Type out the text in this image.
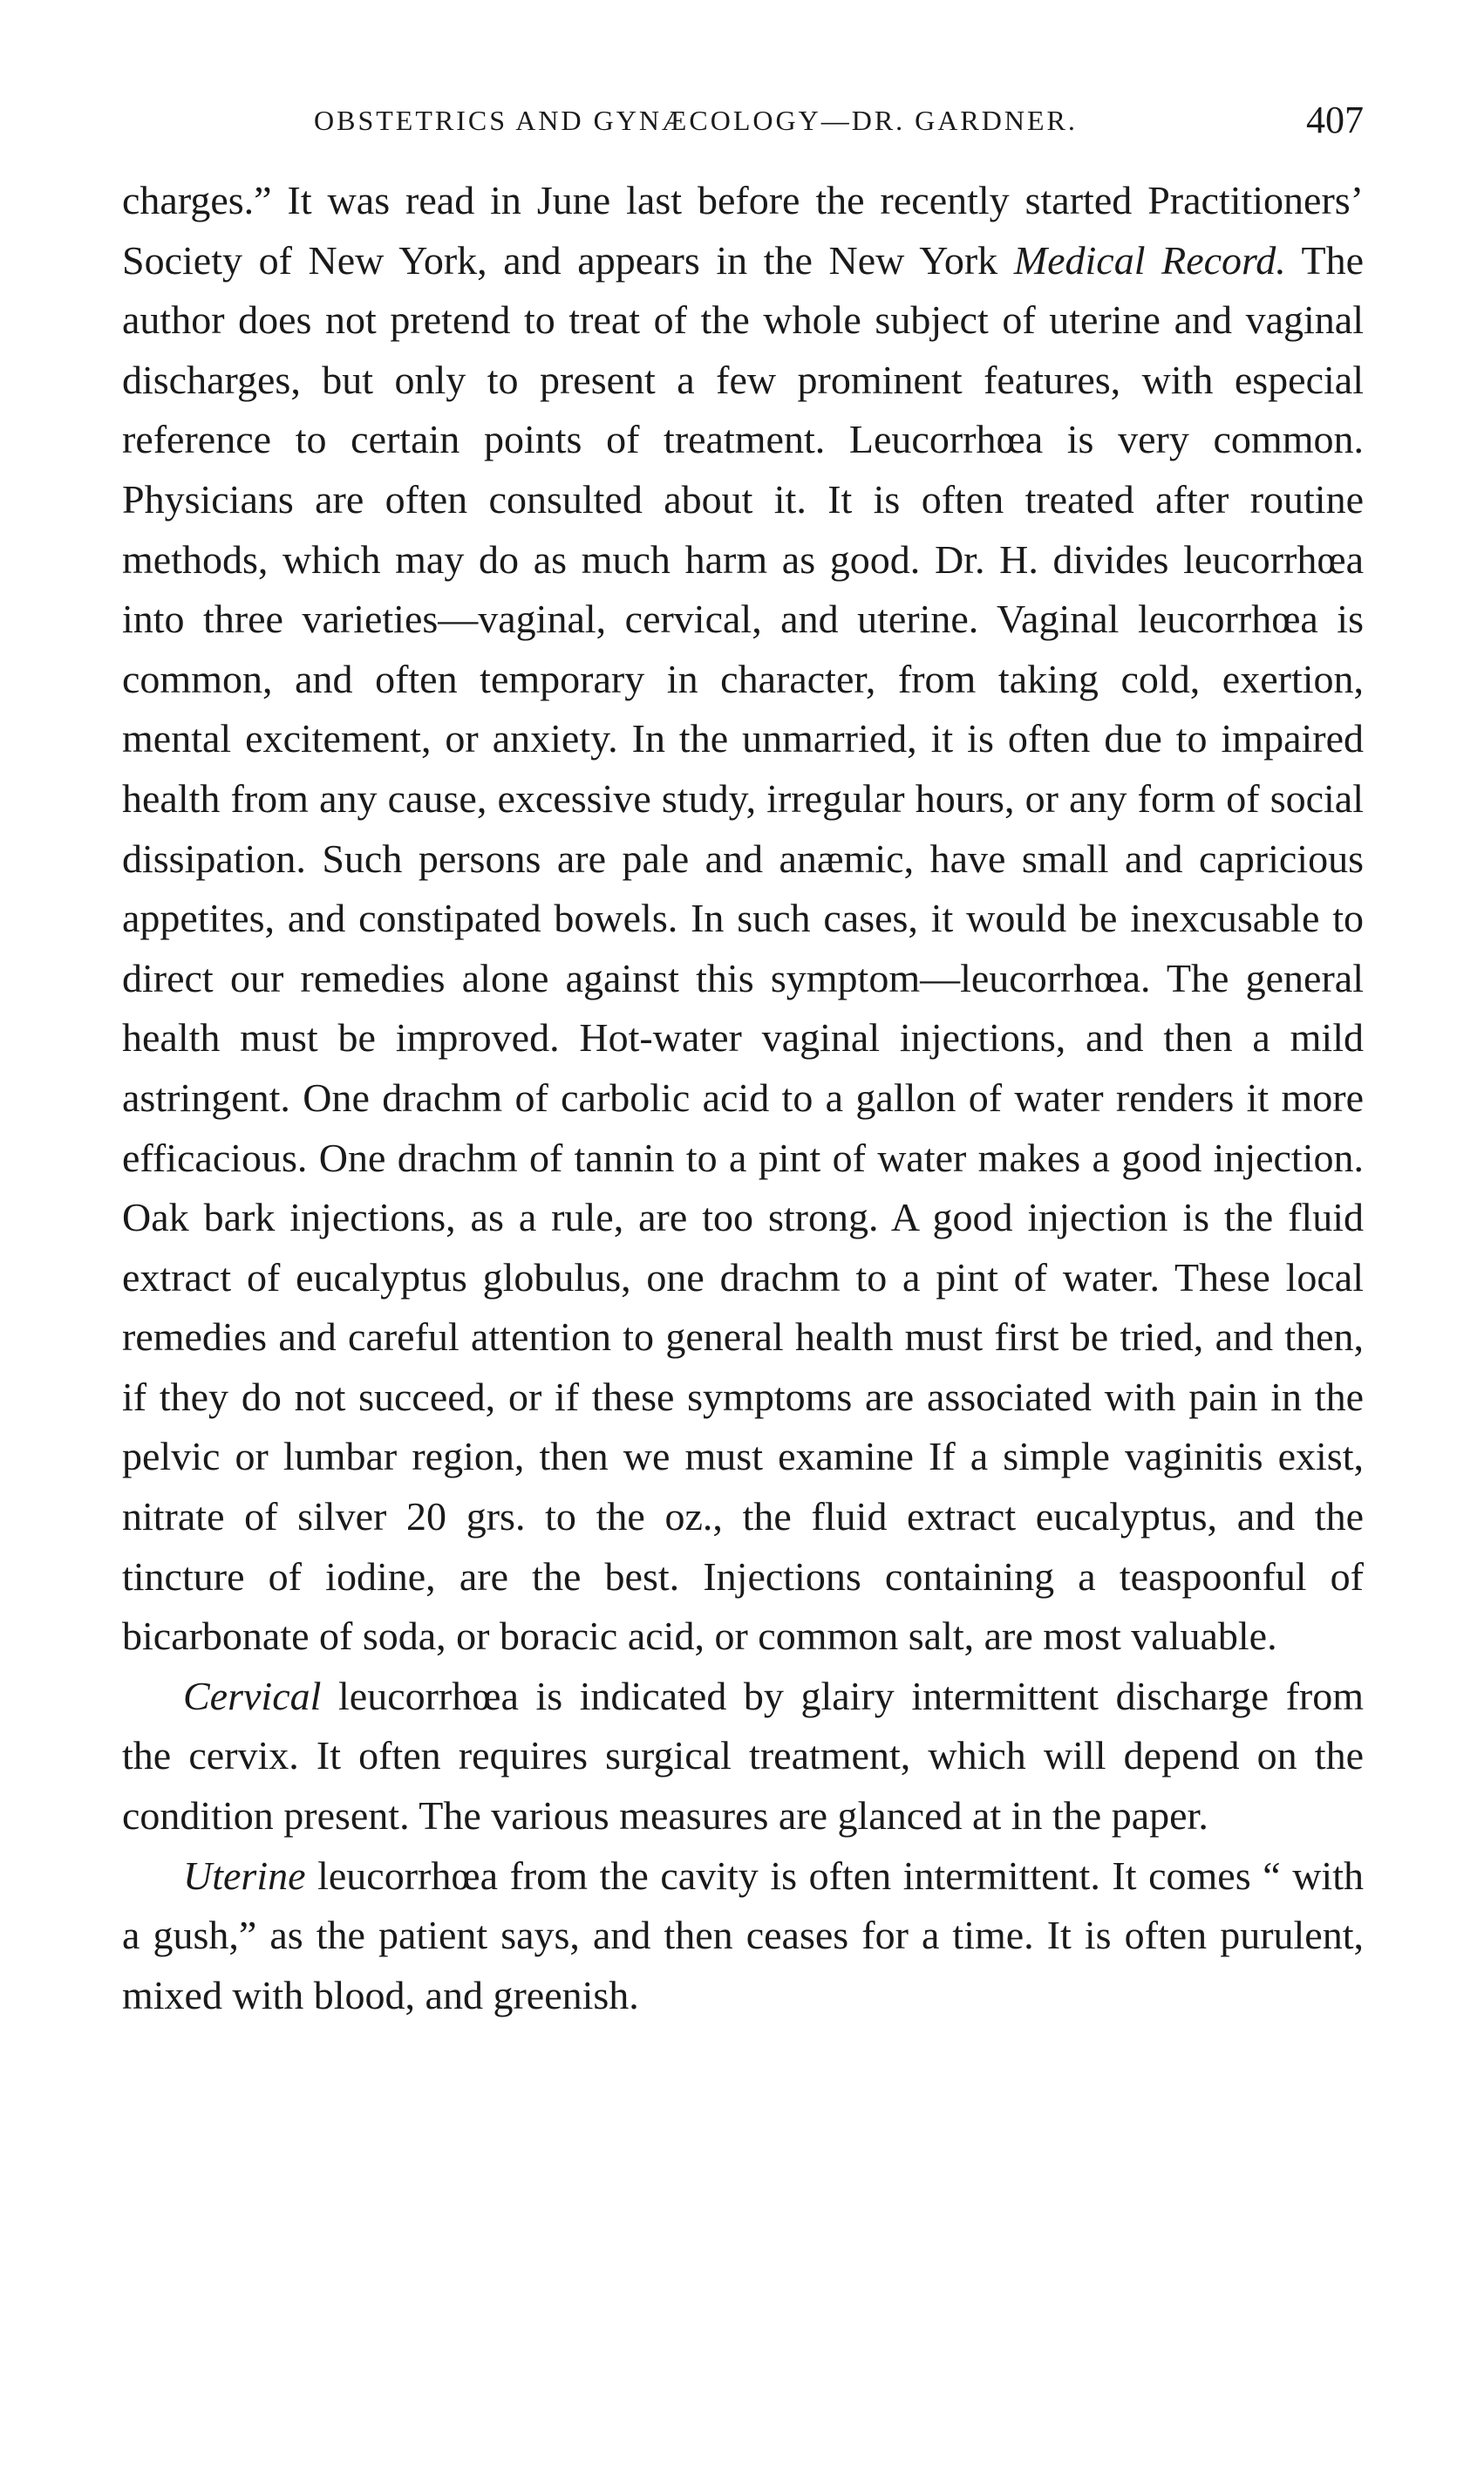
OBSTETRICS AND GYNÆCOLOGY—DR. GARDNER.	407

charges.” It was read in June last before the recently started Practitioners’ Society of New York, and appears in the New York Medical Record. The author does not pretend to treat of the whole subject of uterine and vaginal discharges, but only to present a few prominent features, with especial reference to certain points of treatment. Leucorrhœa is very common. Physicians are often consulted about it. It is often treated after routine methods, which may do as much harm as good. Dr. H. divides leucorrhœa into three varieties—vaginal, cervical, and uterine. Vaginal leucorrhœa is common, and often temporary in character, from taking cold, exertion, mental excitement, or anxiety. In the unmarried, it is often due to impaired health from any cause, excessive study, irregular hours, or any form of social dissipation. Such persons are pale and anæmic, have small and capricious appetites, and constipated bowels. In such cases, it would be inexcusable to direct our remedies alone against this symptom—leucorrhœa. The general health must be improved. Hot-water vaginal injections, and then a mild astringent. One drachm of carbolic acid to a gallon of water renders it more efficacious. One drachm of tannin to a pint of water makes a good injection. Oak bark injections, as a rule, are too strong. A good injection is the fluid extract of eucalyptus globulus, one drachm to a pint of water. These local remedies and careful attention to general health must first be tried, and then, if they do not succeed, or if these symptoms are associated with pain in the pelvic or lumbar region, then we must examine If a simple vaginitis exist, nitrate of silver 20 grs. to the oz., the fluid extract eucalyptus, and the tincture of iodine, are the best. Injections containing a teaspoonful of bicarbonate of soda, or boracic acid, or common salt, are most valuable.

Cervical leucorrhœa is indicated by glairy intermittent discharge from the cervix. It often requires surgical treatment, which will depend on the condition present. The various measures are glanced at in the paper.

Uterine leucorrhœa from the cavity is often intermittent. It comes “ with a gush,” as the patient says, and then ceases for a time. It is often purulent, mixed with blood, and greenish.
